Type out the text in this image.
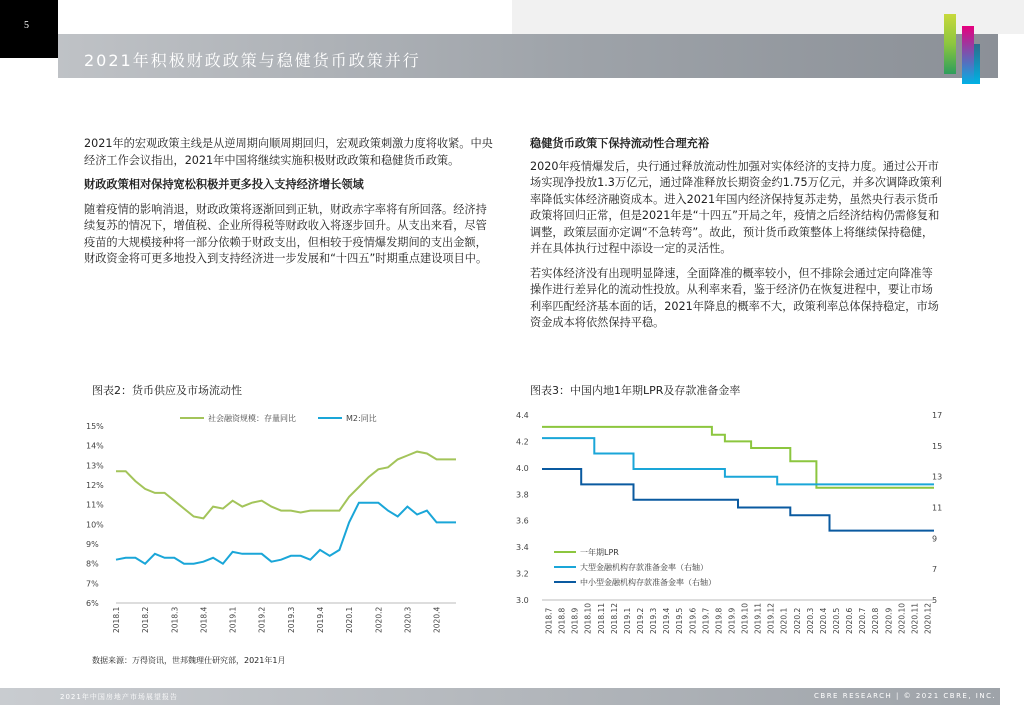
5
2021年积极财政政策与稳健货币政策并行

2021年的宏观政策主线是从逆周期向顺周期回归，宏观政策刺激力度将收紧。中央经济工作会议指出，2021年中国将继续实施积极财政政策和稳健货币政策。

财政政策相对保持宽松积极并更多投入支持经济增长领域

随着疫情的影响消退，财政政策将逐渐回到正轨，财政赤字率将有所回落。经济持续复苏的情况下，增值税、企业所得税等财政收入将逐步回升。从支出来看，尽管疫苗的大规模接种将一部分依赖于财政支出，但相较于疫情爆发期间的支出金额，财政资金将可更多地投入到支持经济进一步发展和“十四五”时期重点建设项目中。

稳健货币政策下保持流动性合理充裕

2020年疫情爆发后，央行通过释放流动性加强对实体经济的支持力度。通过公开市场实现净投放1.3万亿元，通过降准释放长期资金约1.75万亿元，并多次调降政策利率降低实体经济融资成本。进入2021年国内经济保持复苏走势，虽然央行表示货币政策将回归正常，但是2021年是“十四五”开局之年，疫情之后经济结构仍需修复和调整，政策层面亦定调“不急转弯”。故此，预计货币政策整体上将继续保持稳健，并在具体执行过程中添设一定的灵活性。

若实体经济没有出现明显降速，全面降准的概率较小，但不排除会通过定向降准等操作进行差异化的流动性投放。从利率来看，鉴于经济仍在恢复进程中，要让市场利率匹配经济基本面的话，2021年降息的概率不大，政策利率总体保持稳定，市场资金成本将依然保持平稳。

图表2：货币供应及市场流动性	图表3：中国内地1年期LPR及存款准备金率
6%
7%
8%
9%
10%
11%
12%
13%
14%
15%
2018.1	2018.2	2018.3	2018.4	2019.1	2019.2	2019.3	2019.4	2020.1	2020.2	2020.3	2020.4
社会融资规模：存量同比	M2:同比
3.0
3.2
3.4
3.6
3.8
4.0
4.2
4.4
5
7
9
11
13
15
17
2018.7 2018.8 2018.9 2018.10 2018.11 2018.12 2019.1 2019.2 2019.3 2019.4 2019.5 2019.6 2019.7 2019.8 2019.9 2019.10 2019.11 2019.12 2020.1 2020.2 2020.3 2020.4 2020.5 2020.6 2020.7 2020.8 2020.9 2020.10 2020.11 2020.12
一年期LPR
大型金融机构存款准备金率（右轴）
中小型金融机构存款准备金率（右轴）
数据来源：万得资讯，世邦魏理仕研究部，2021年1月
2021年中国房地产市场展望报告	CBRE RESEARCH | © 2021 CBRE, INC.
